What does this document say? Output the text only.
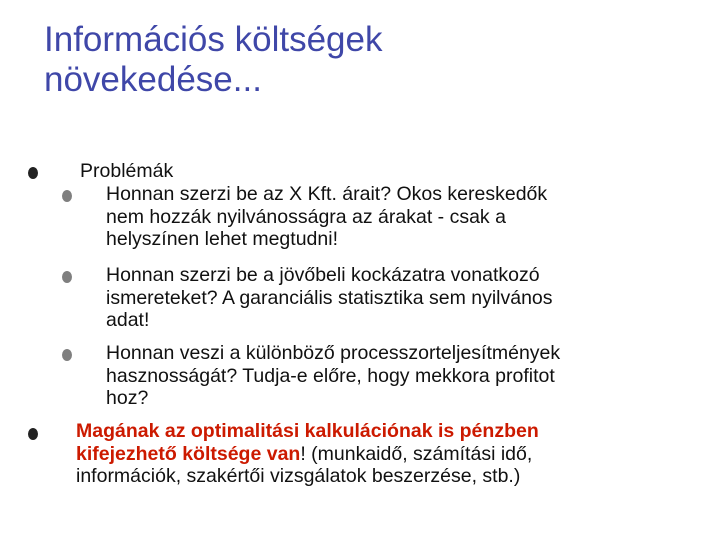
Információs költségek
növekedése...

Problémák

Honnan szerzi be az X Kft. árait? Okos kereskedők
nem hozzák nyilvánosságra az árakat - csak a
helyszínen lehet megtudni!

Honnan szerzi be a jövőbeli kockázatra vonatkozó
ismereteket? A garanciális statisztika sem nyilvános
adat!

Honnan veszi a különböző processzorteljesítmények
hasznosságát? Tudja-e előre, hogy mekkora profitot
hoz?

Magának az optimalitási kalkulációnak is pénzben
kifejezhető költsége van! (munkaidő, számítási idő,
információk, szakértői vizsgálatok beszerzése, stb.)
